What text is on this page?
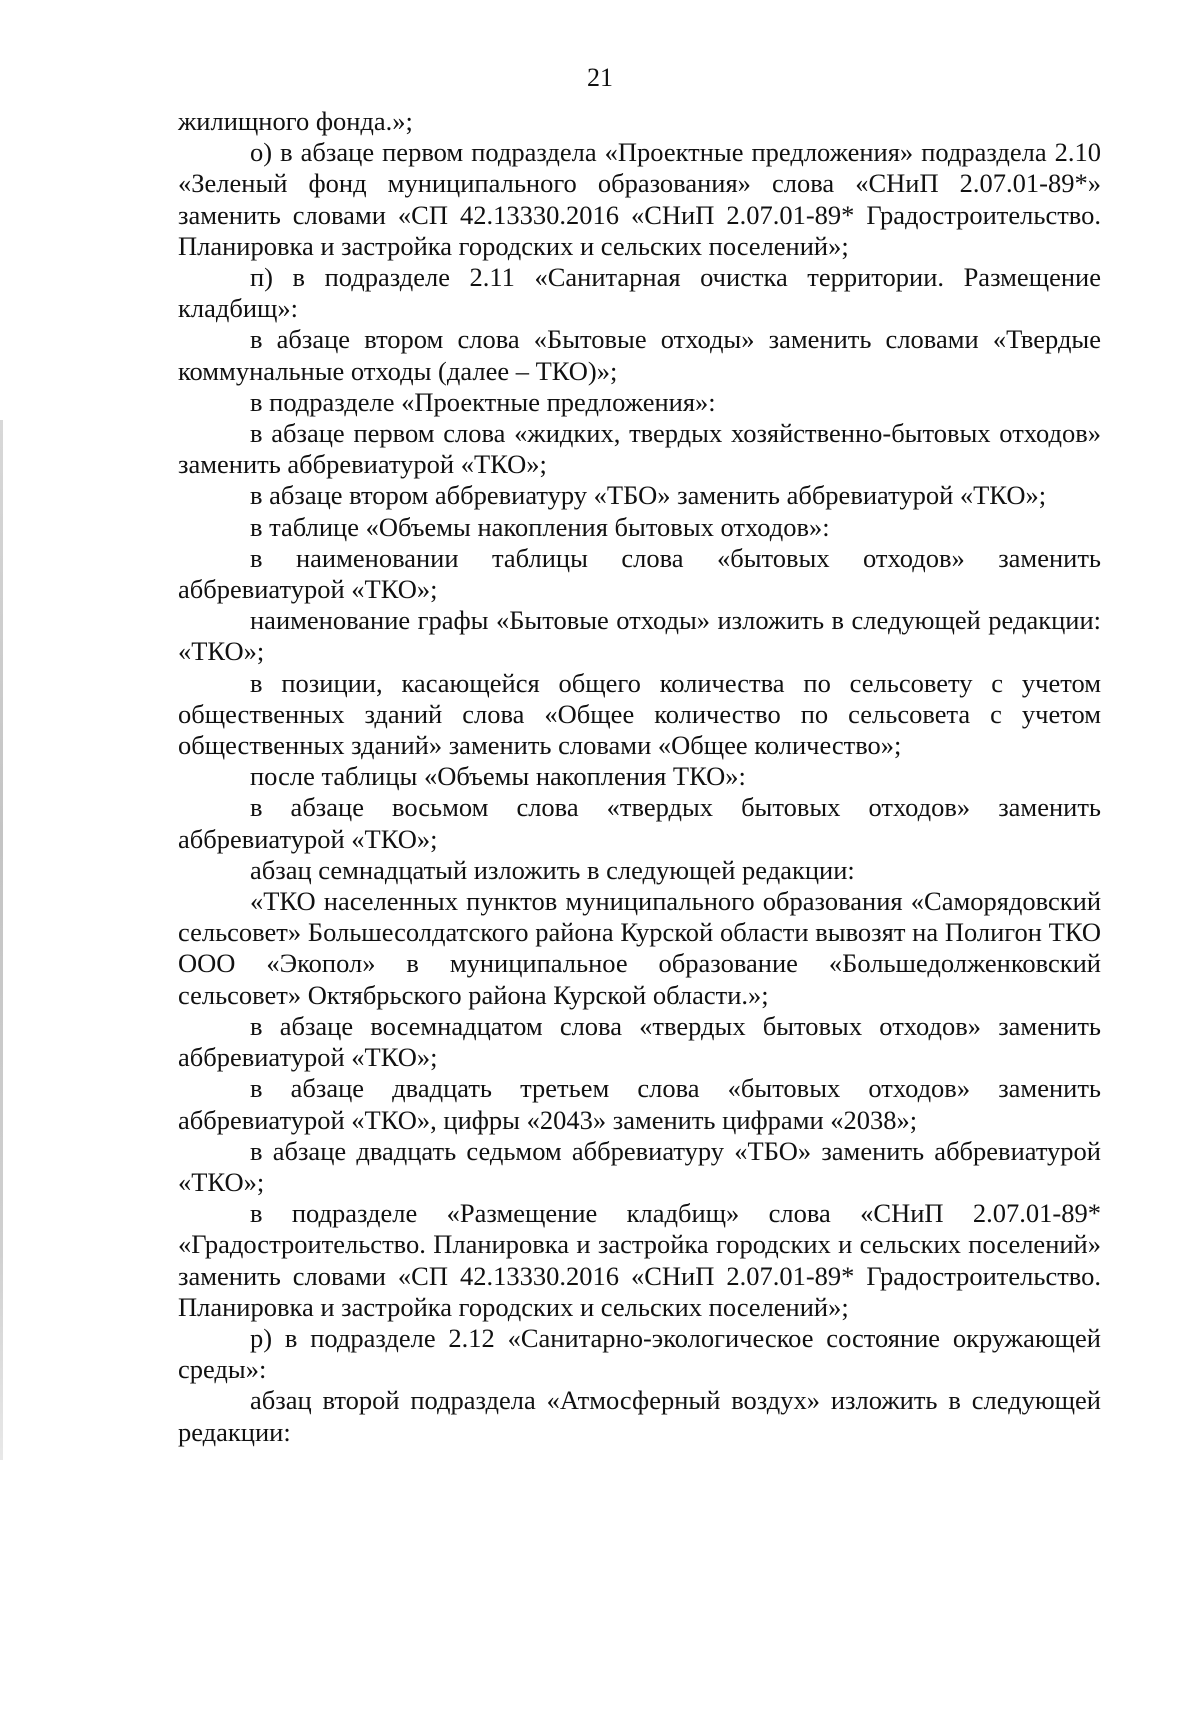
21

жилищного фонда.»;

о) в абзаце первом подраздела «Проектные предложения» подраздела 2.10 «Зеленый фонд муниципального образования» слова «СНиП 2.07.01-89*» заменить словами «СП 42.13330.2016 «СНиП 2.07.01-89* Градостроительство. Планировка и застройка городских и сельских поселений»;

п) в подразделе 2.11 «Санитарная очистка территории. Размещение кладбищ»:

в абзаце втором слова «Бытовые отходы» заменить словами «Твердые коммунальные отходы (далее – ТКО)»;

в подразделе «Проектные предложения»:

в абзаце первом слова «жидких, твердых хозяйственно-бытовых отходов» заменить аббревиатурой «ТКО»;

в абзаце втором аббревиатуру «ТБО» заменить аббревиатурой «ТКО»;

в таблице «Объемы накопления бытовых отходов»:

в наименовании таблицы слова «бытовых отходов» заменить аббревиатурой «ТКО»;

наименование графы «Бытовые отходы» изложить в следующей редакции: «ТКО»;

в позиции, касающейся общего количества по сельсовету с учетом общественных зданий слова «Общее количество по сельсовета с учетом общественных зданий» заменить словами «Общее количество»;

после таблицы «Объемы накопления ТКО»:

в абзаце восьмом слова «твердых бытовых отходов» заменить аббревиатурой «ТКО»;

абзац семнадцатый изложить в следующей редакции:

«ТКО населенных пунктов муниципального образования «Саморядовский сельсовет» Большесолдатского района Курской области вывозят на Полигон ТКО ООО «Экопол» в муниципальное образование «Большедолженковский сельсовет» Октябрьского района Курской области.»;

в абзаце восемнадцатом слова «твердых бытовых отходов» заменить аббревиатурой «ТКО»;

в абзаце двадцать третьем слова «бытовых отходов» заменить аббревиатурой «ТКО», цифры «2043» заменить цифрами «2038»;

в абзаце двадцать седьмом аббревиатуру «ТБО» заменить аббревиатурой «ТКО»;

в подразделе «Размещение кладбищ» слова «СНиП 2.07.01-89* «Градостроительство. Планировка и застройка городских и сельских поселений» заменить словами «СП 42.13330.2016 «СНиП 2.07.01-89* Градостроительство. Планировка и застройка городских и сельских поселений»;

р) в подразделе 2.12 «Санитарно-экологическое состояние окружающей среды»:

абзац второй подраздела «Атмосферный воздух» изложить в следующей редакции:
